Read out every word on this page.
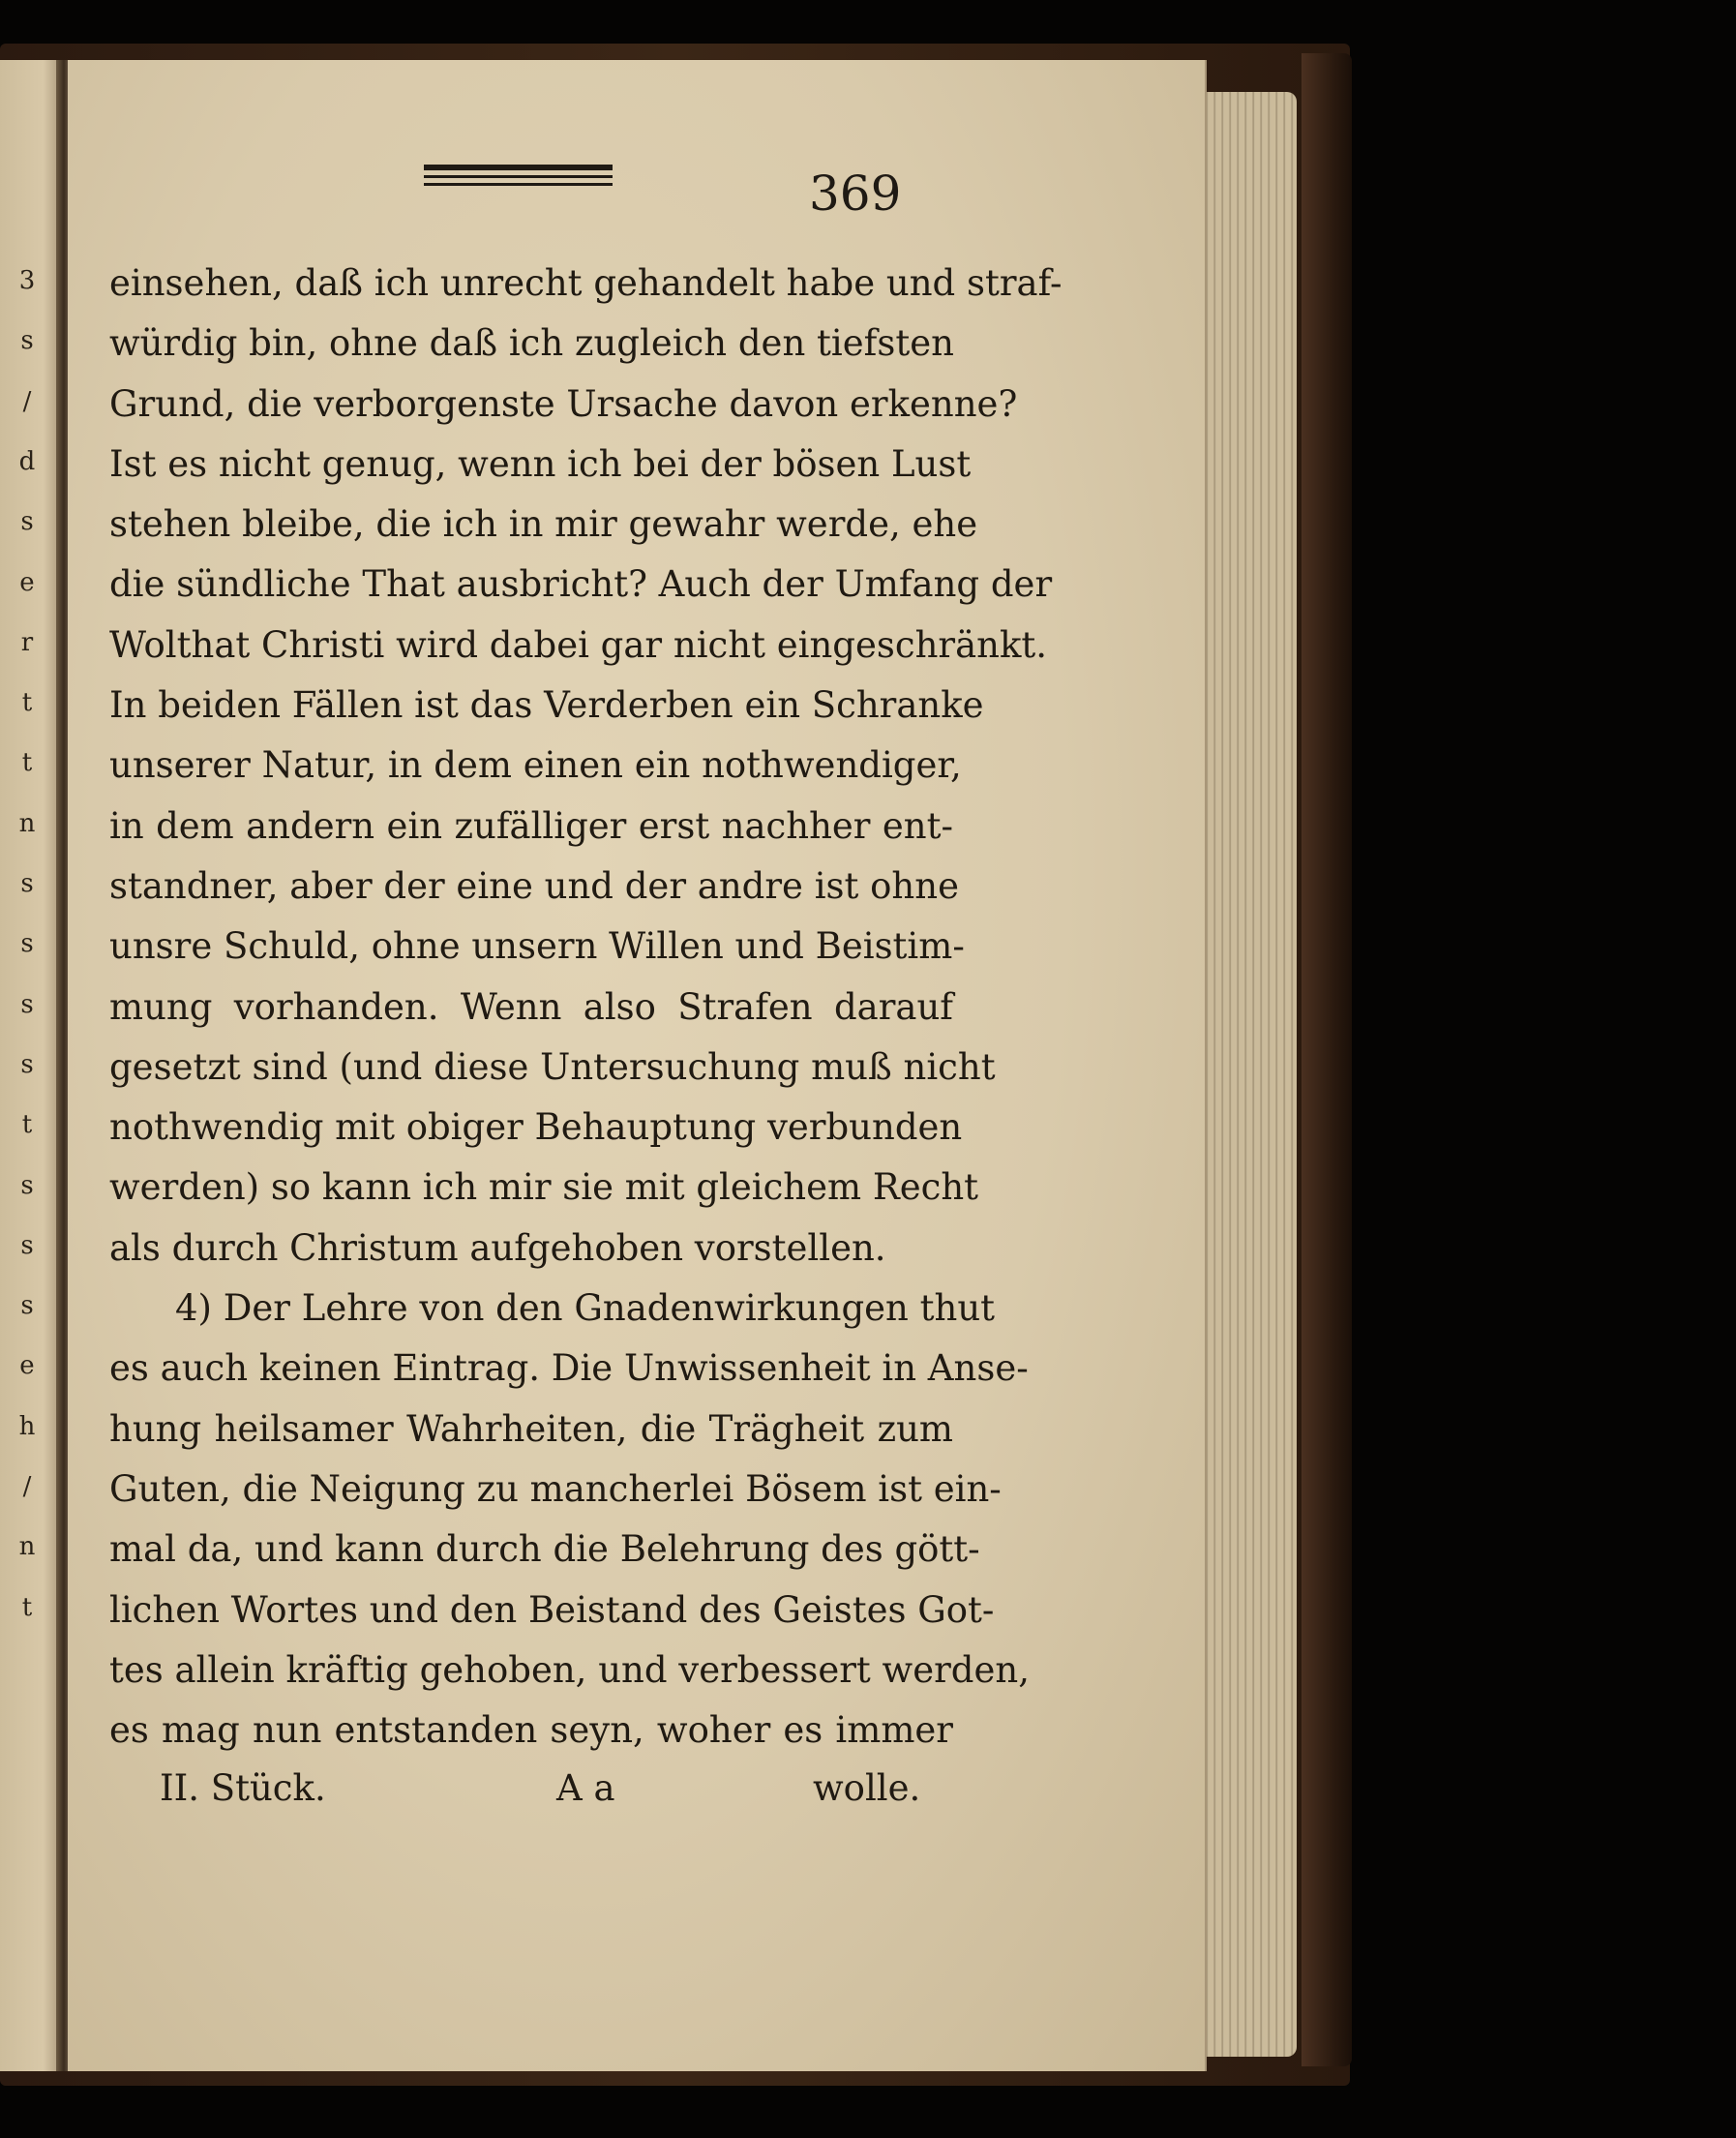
3
s
/
d
s
e
r
t
t
n
s
s
s
s
t
s
s
s
e
h
/
n
t
369
einsehen, daß ich unrecht gehandelt habe und straf-
würdig bin, ohne daß ich zugleich den tiefsten
Grund, die verborgenste Ursache davon erkenne?
Ist es nicht genug, wenn ich bei der bösen Lust
stehen bleibe, die ich in mir gewahr werde, ehe
die sündliche That ausbricht? Auch der Umfang der
Wolthat Christi wird dabei gar nicht eingeschränkt.
In beiden Fällen ist das Verderben ein Schranke
unserer Natur, in dem einen ein nothwendiger,
in dem andern ein zufälliger erst nachher ent-
standner, aber der eine und der andre ist ohne
unsre Schuld, ohne unsern Willen und Beistim-
mung vorhanden. Wenn also Strafen darauf
gesetzt sind (und diese Untersuchung muß nicht
nothwendig mit obiger Behauptung verbunden
werden) so kann ich mir sie mit gleichem Recht
als durch Christum aufgehoben vorstellen.
4) Der Lehre von den Gnadenwirkungen thut
es auch keinen Eintrag. Die Unwissenheit in Anse-
hung heilsamer Wahrheiten, die Trägheit zum
Guten, die Neigung zu mancherlei Bösem ist ein-
mal da, und kann durch die Belehrung des gött-
lichen Wortes und den Beistand des Geistes Got-
tes allein kräftig gehoben, und verbessert werden,
es mag nun entstanden seyn, woher es immer
II. Stück.	A a	wolle.
